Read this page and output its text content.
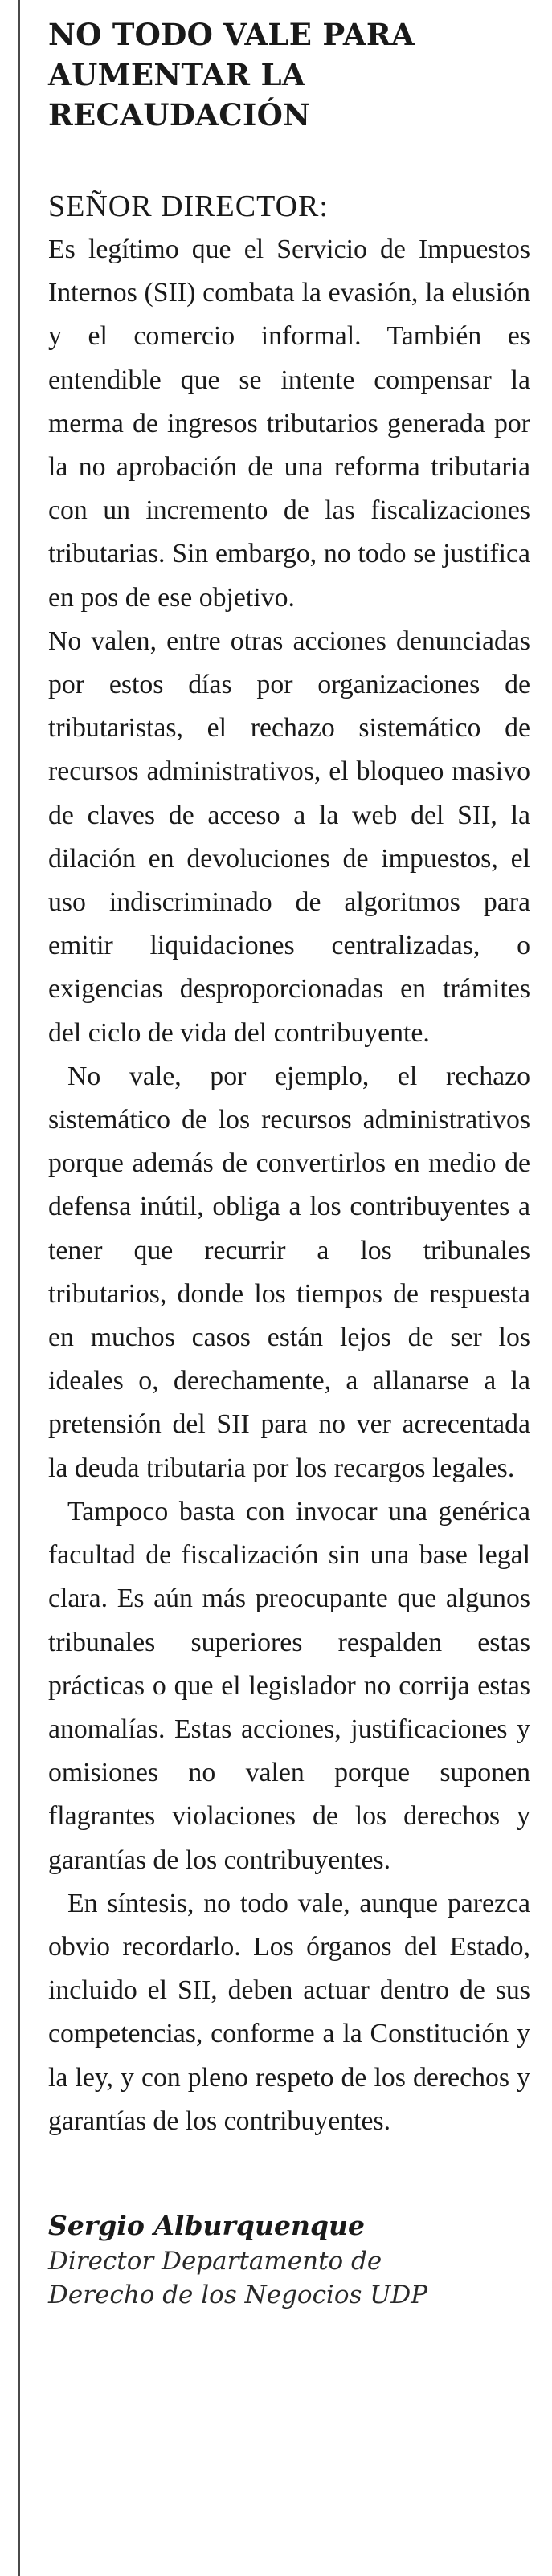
NO TODO VALE PARA
AUMENTAR LA RECAUDACIÓN
SEÑOR DIRECTOR:

Es legítimo que el Servicio de Impuestos Internos (SII) combata la evasión, la elusión y el comercio informal. También es entendible que se intente compensar la merma de ingresos tributarios generada por la no aprobación de una reforma tributaria con un incremento de las fiscalizaciones tributarias. Sin embargo, no todo se justifica en pos de ese objetivo.

No valen, entre otras acciones denunciadas por estos días por organizaciones de tributaristas, el rechazo sistemático de recursos administrativos, el bloqueo masivo de claves de acceso a la web del SII, la dilación en devoluciones de impuestos, el uso indiscriminado de algoritmos para emitir liquidaciones centralizadas, o exigencias desproporcionadas en trámites del ciclo de vida del contribuyente.

No vale, por ejemplo, el rechazo sistemático de los recursos administrativos porque además de convertirlos en medio de defensa inútil, obliga a los contribuyentes a tener que recurrir a los tribunales tributarios, donde los tiempos de respuesta en muchos casos están lejos de ser los ideales o, derechamente, a allanarse a la pretensión del SII para no ver acrecentada la deuda tributaria por los recargos legales.

Tampoco basta con invocar una genérica facultad de fiscalización sin una base legal clara. Es aún más preocupante que algunos tribunales superiores respalden estas prácticas o que el legislador no corrija estas anomalías. Estas acciones, justificaciones y omisiones no valen porque suponen flagrantes violaciones de los derechos y garantías de los contribuyentes.

En síntesis, no todo vale, aunque parezca obvio recordarlo. Los órganos del Estado, incluido el SII, deben actuar dentro de sus competencias, conforme a la Constitución y la ley, y con pleno respeto de los derechos y garantías de los contribuyentes.

Sergio Alburquenque
Director Departamento de
Derecho de los Negocios UDP
